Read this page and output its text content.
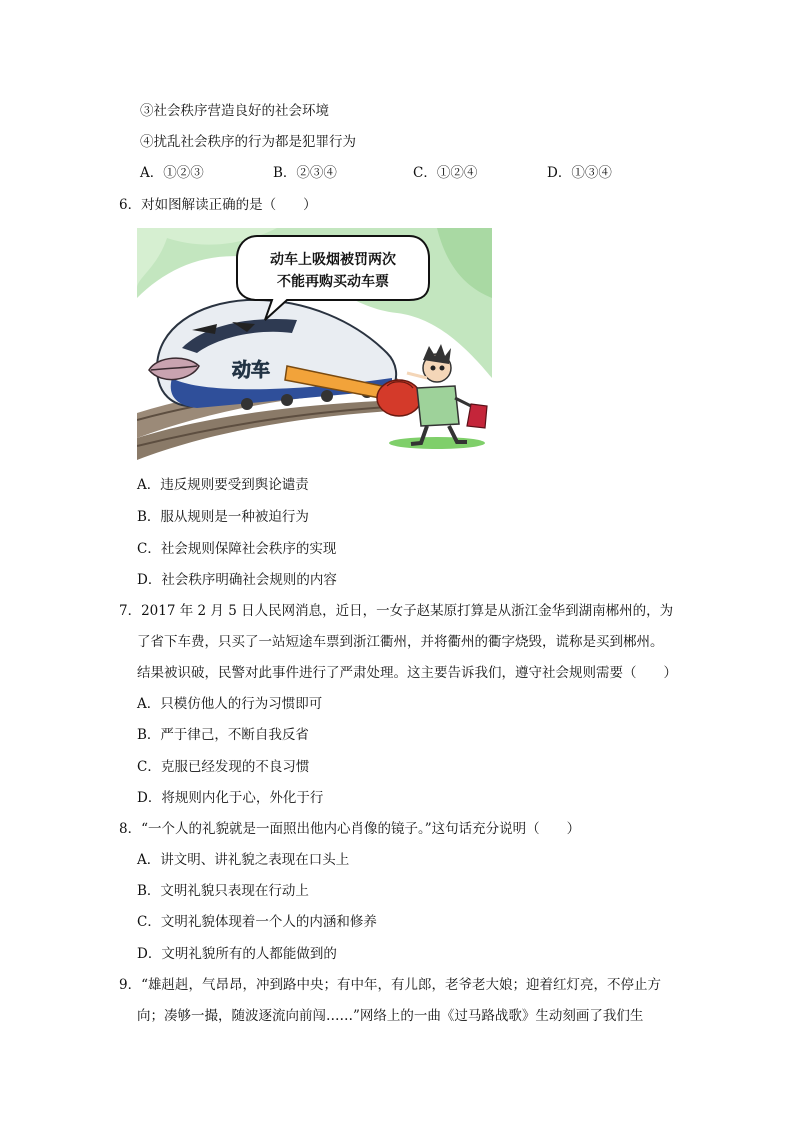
③社会秩序营造良好的社会环境
④扰乱社会秩序的行为都是犯罪行为
A．①②③	B．②③④	C．①②④	D．①③④
6．对如图解读正确的是（　　）
动车
动车上吸烟被罚两次
不能再购买动车票
A．违反规则要受到舆论谴责
B．服从规则是一种被迫行为
C．社会规则保障社会秩序的实现
D．社会秩序明确社会规则的内容
7．2017 年 2 月 5 日人民网消息，近日，一女子赵某原打算是从浙江金华到湖南郴州的，为
了省下车费，只买了一站短途车票到浙江衢州，并将衢州的衢字烧毁，谎称是买到郴州。
结果被识破，民警对此事件进行了严肃处理。这主要告诉我们，遵守社会规则需要（　　）
A．只模仿他人的行为习惯即可
B．严于律己，不断自我反省
C．克服已经发现的不良习惯
D．将规则内化于心，外化于行
8．“一个人的礼貌就是一面照出他内心肖像的镜子。”这句话充分说明（　　）
A．讲文明、讲礼貌之表现在口头上
B．文明礼貌只表现在行动上
C．文明礼貌体现着一个人的内涵和修养
D．文明礼貌所有的人都能做到的
9．“雄赳赳，气昂昂，冲到路中央；有中年，有儿郎，老爷老大娘；迎着红灯亮，不停止方
向；凑够一撮，随波逐流向前闯……”网络上的一曲《过马路战歌》生动刻画了我们生
